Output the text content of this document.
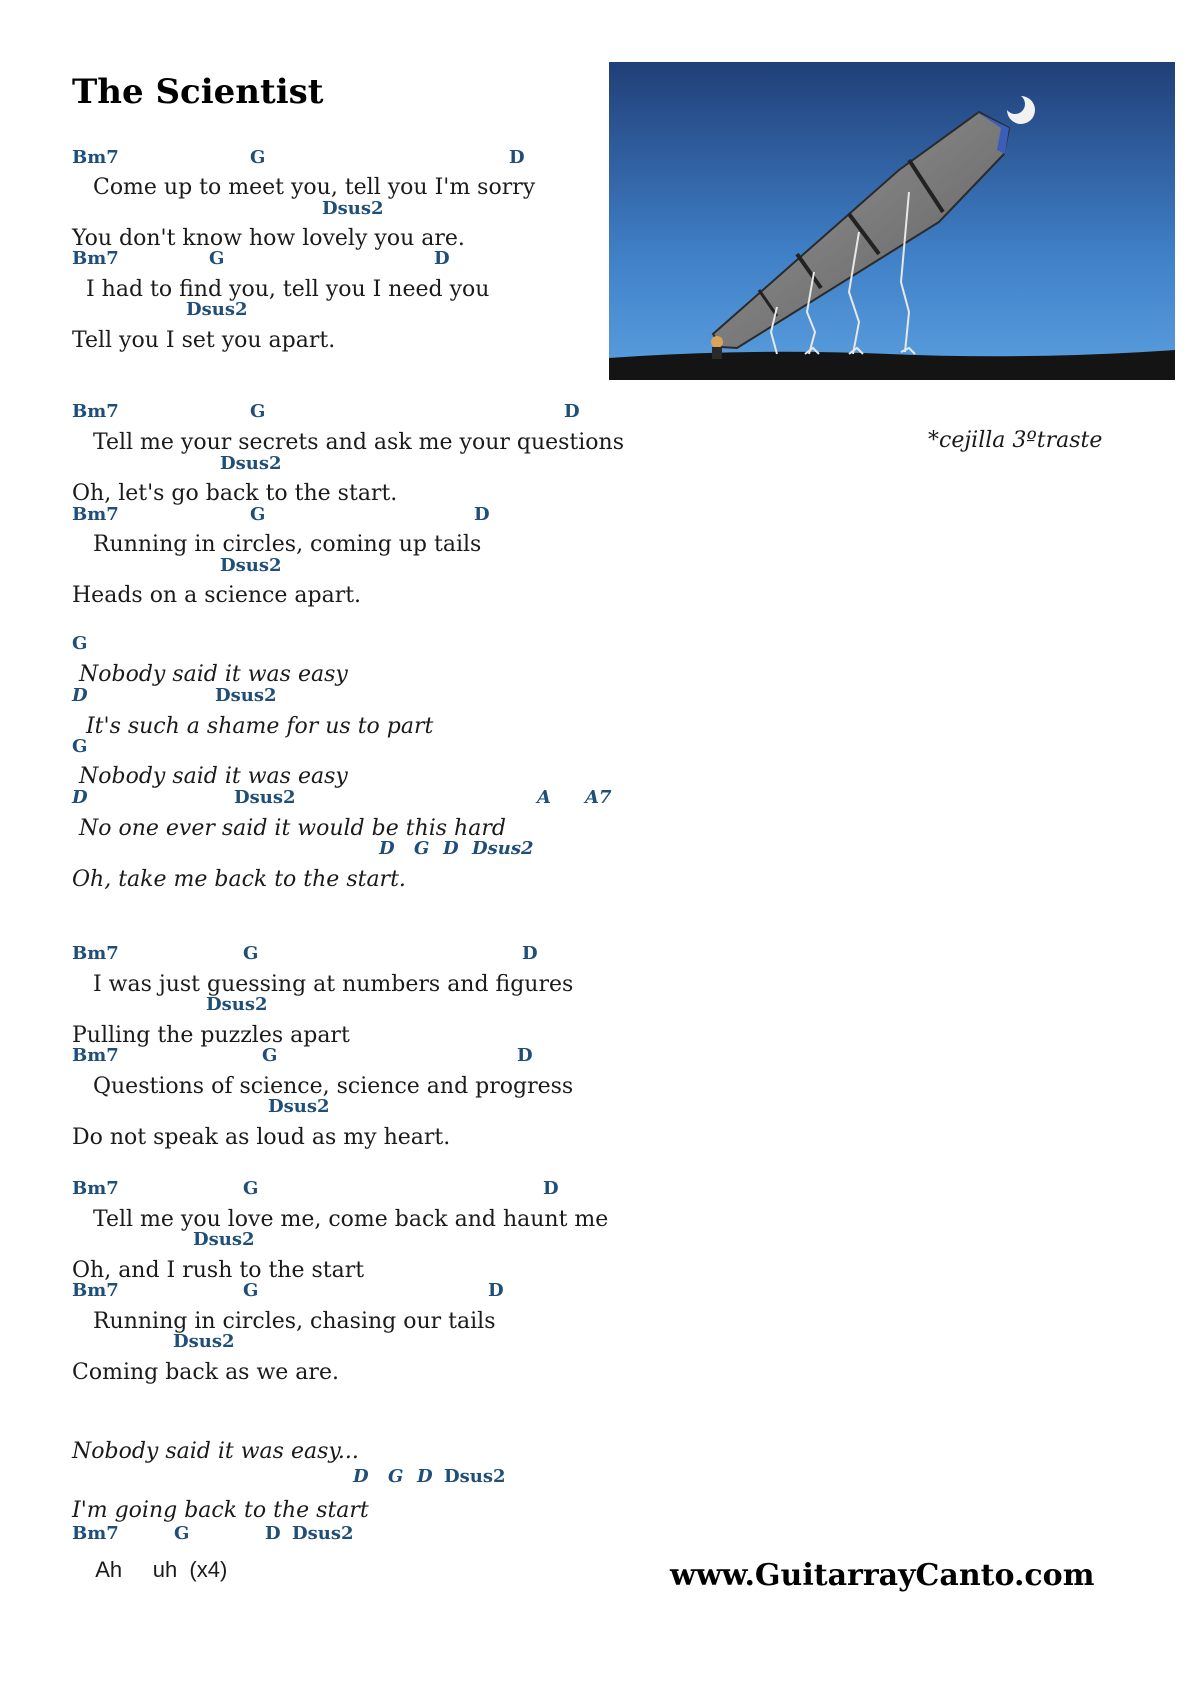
The Scientist
Bm7	G	D
Come up to meet you, tell you I'm sorry
Dsus2
You don't know how lovely you are.
Bm7	G	D
I had to find you, tell you I need you
Dsus2
Tell you I set you apart.
Bm7	G	D
Tell me your secrets and ask me your questions
Dsus2
Oh, let's go back to the start.
Bm7	G	D
Running in circles, coming up tails
Dsus2
Heads on a science apart.
G
Nobody said it was easy
D	Dsus2
It's such a shame for us to part
G
Nobody said it was easy
D	Dsus2	A A7
No one ever said it would be this hard
D G D Dsus2
Oh, take me back to the start.
Bm7	G	D
I was just guessing at numbers and figures
Dsus2
Pulling the puzzles apart
Bm7	G	D
Questions of science, science and progress
Dsus2
Do not speak as loud as my heart.
Bm7	G	D
Tell me you love me, come back and haunt me
Dsus2
Oh, and I rush to the start
Bm7	G	D
Running in circles, chasing our tails
Dsus2
Coming back as we are.
Nobody said it was easy...
D G D Dsus2
I'm going back to the start
Bm7	G	D Dsus2
Ah     uh  (x4)
*cejilla 3ºtraste
www.GuitarrayCanto.com
